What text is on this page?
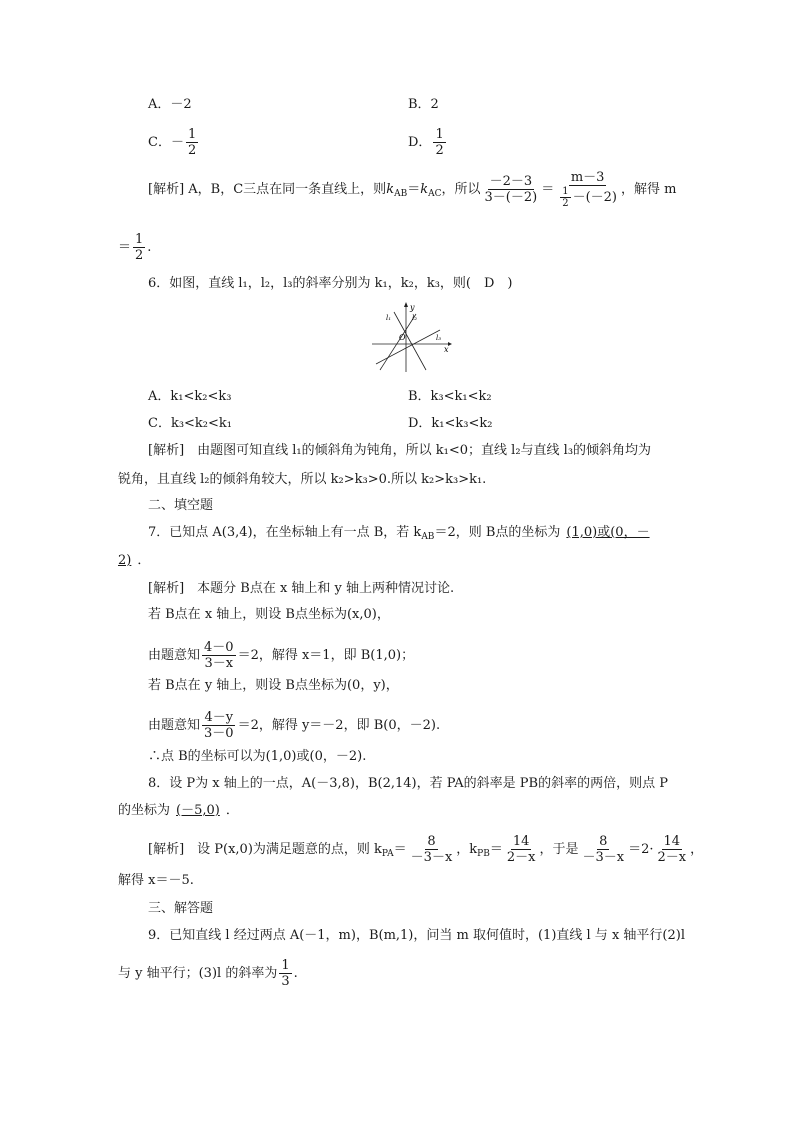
A．－2	B．2
C．－ $\frac{1}{2}$	D． $\frac{1}{2}$
[解析] A，B，C三点在同一条直线上，则$k_{AB}=k_{AC}$，所以 $\frac{-2-3}{3-(-2)} = \frac{m-3}{\frac{1}{2} -(-2)}$ ，解得 m
＝ $\frac{1}{2}$ .
6．如图，直线 l₁，l₂，l₃的斜率分别为 k₁，k₂，k₃，则(　D　)
y
x
O
l₁	l₂
l₃
A．k₁<k₂<k₃	B．k₃<k₁<k₂
C．k₃<k₂<k₁	D．k₁<k₃<k₂
[解析]　由题图可知直线 l₁的倾斜角为钝角，所以 k₁<0；直线 l₂与直线 l₃的倾斜角均为
锐角，且直线 l₂的倾斜角较大，所以 k₂>k₃>0.所以 k₂>k₃>k₁.
二、填空题
7．已知点 A(3,4)，在坐标轴上有一点 B，若 $k_{AB}=2$，则 B点的坐标为 (1,0)或(0，－
2) ．
[解析]　本题分 B点在 x 轴上和 y 轴上两种情况讨论.
若 B点在 x 轴上，则设 B点坐标为(x,0)，
由题意知 $\frac{4-0}{3-x} =2$，解得 x＝1，即 B(1,0)；
若 B点在 y 轴上，则设 B点坐标为(0，y)，
由题意知 $\frac{4-y}{3-0} =2$，解得 y＝－2，即 B(0，－2).
∴点 B的坐标可以为(1,0)或(0，－2).
8．设 P为 x 轴上的一点，A(－3,8)，B(2,14)，若 PA的斜率是 PB的斜率的两倍，则点 P
的坐标为 (－5,0) ．
[解析]　设 P(x,0)为满足题意的点，则 $k_{PA}= \frac{8}{-3-x}$ ，$k_{PB}= \frac{14}{2-x}$ ，于是 $\frac{8}{-3-x} =2\cdot \frac{14}{2-x}$ ，
解得 x＝－5.
三、解答题
9．已知直线 l 经过两点 A(－1，m)，B(m,1)，问当 m 取何值时，(1)直线 l 与 x 轴平行(2)l
与 y 轴平行；(3)l 的斜率为 $\frac{1}{3}$ .
